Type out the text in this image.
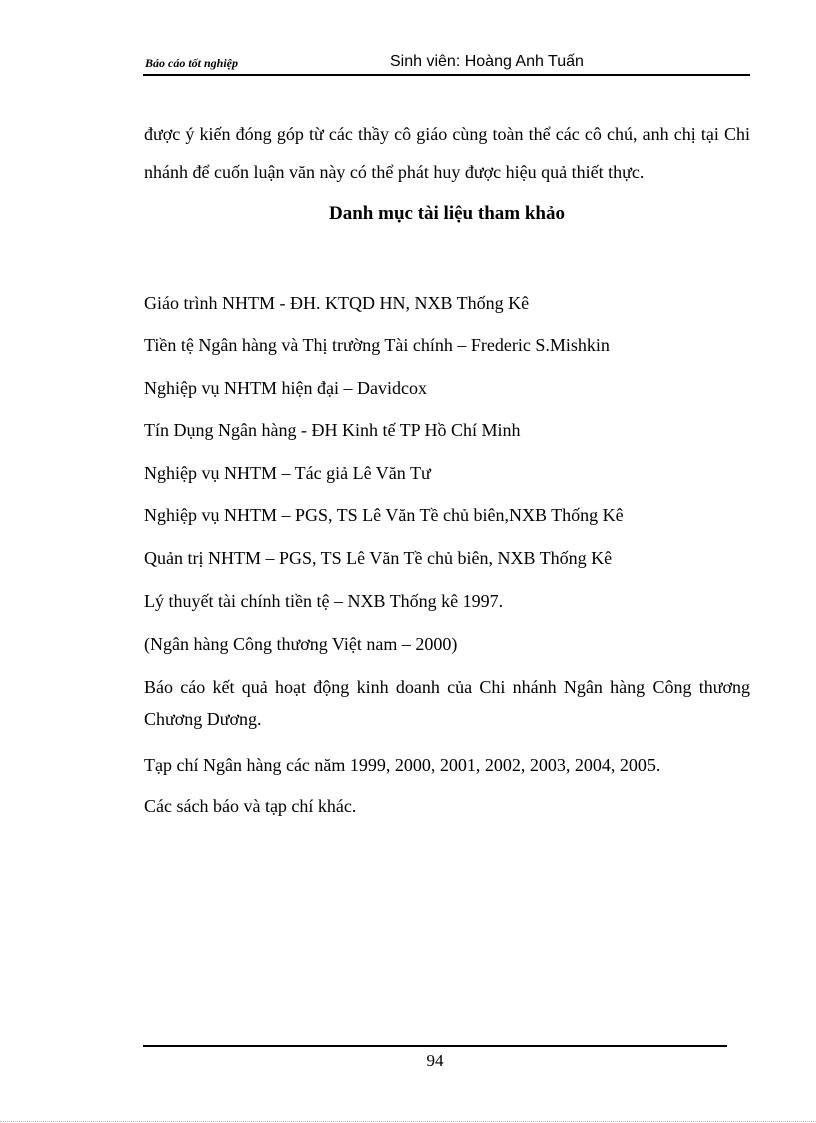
Báo cáo tốt nghiệp	Sinh viên: Hoàng Anh Tuấn

được ý kiến đóng góp từ các thầy cô giáo cùng toàn thể các cô chú, anh chị tại Chi nhánh để cuốn luận văn này có thể phát huy được hiệu quả thiết thực.

Danh mục tài liệu tham khảo

Giáo trình NHTM - ĐH. KTQD HN, NXB Thống Kê

Tiền tệ Ngân hàng và Thị trường Tài chính – Frederic S.Mishkin

Nghiệp vụ NHTM hiện đại – Davidcox

Tín Dụng Ngân hàng - ĐH Kinh tế TP Hồ Chí Minh

Nghiệp vụ NHTM – Tác giả Lê Văn Tư

Nghiệp vụ NHTM – PGS, TS Lê Văn Tề chủ biên,NXB Thống Kê

Quản trị NHTM – PGS, TS Lê Văn Tề chủ biên, NXB Thống Kê

Lý thuyết tài chính tiền tệ – NXB Thống kê 1997.

(Ngân hàng Công thương Việt nam – 2000)

Báo cáo kết quả hoạt động kinh doanh của Chi nhánh Ngân hàng Công thương Chương Dương.

Tạp chí Ngân hàng các năm 1999, 2000, 2001, 2002, 2003, 2004, 2005.

Các sách báo và tạp chí khác.

94
